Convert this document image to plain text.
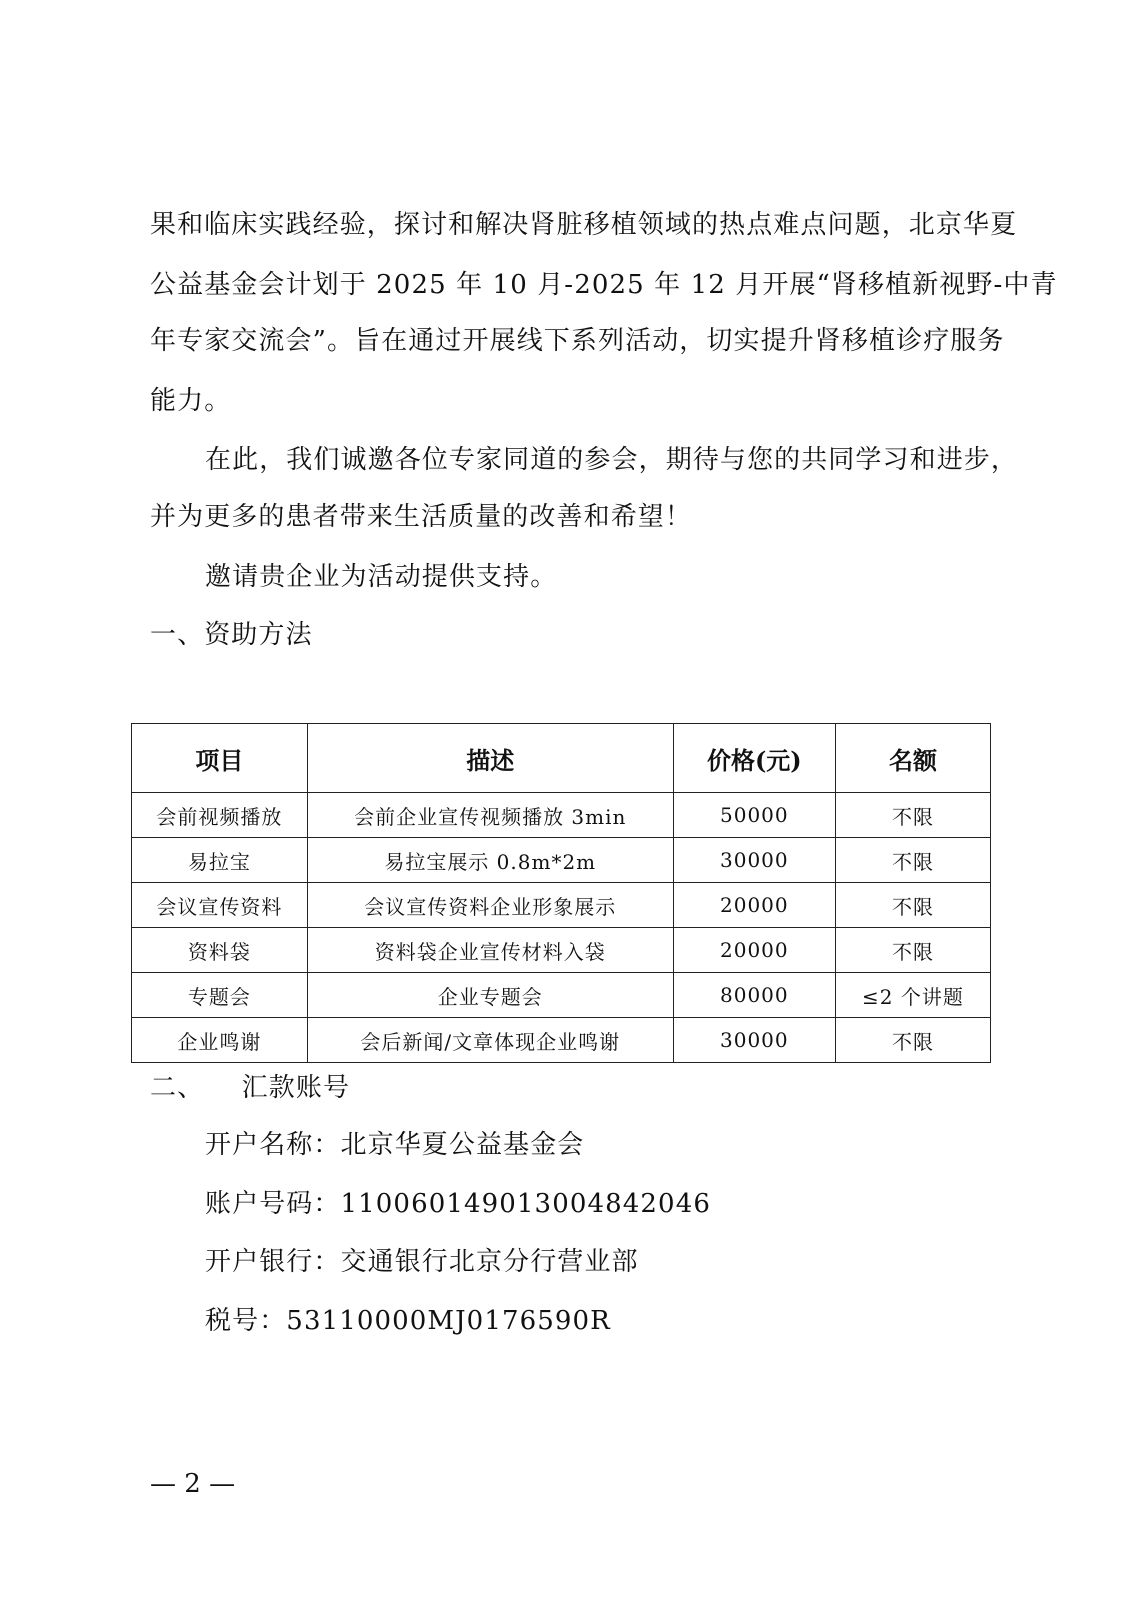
果和临床实践经验，探讨和解决肾脏移植领域的热点难点问题，北京华夏
公益基金会计划于 2025 年 10 月-2025 年 12 月开展“肾移植新视野-中青
年专家交流会”。旨在通过开展线下系列活动，切实提升肾移植诊疗服务
能力。
在此，我们诚邀各位专家同道的参会，期待与您的共同学习和进步，
并为更多的患者带来生活质量的改善和希望！
邀请贵企业为活动提供支持。
一、资助方法
项目	描述	价格(元)	名额
会前视频播放	会前企业宣传视频播放 3min	50000	不限
易拉宝	易拉宝展示 0.8m*2m	30000	不限
会议宣传资料	会议宣传资料企业形象展示	20000	不限
资料袋	资料袋企业宣传材料入袋	20000	不限
专题会	企业专题会	80000	≤2 个讲题
企业鸣谢	会后新闻/文章体现企业鸣谢	30000	不限
二、    汇款账号
开户名称：北京华夏公益基金会
账户号码：110060149013004842046
开户银行：交通银行北京分行营业部
税号：53110000MJ0176590R
— 2 —
